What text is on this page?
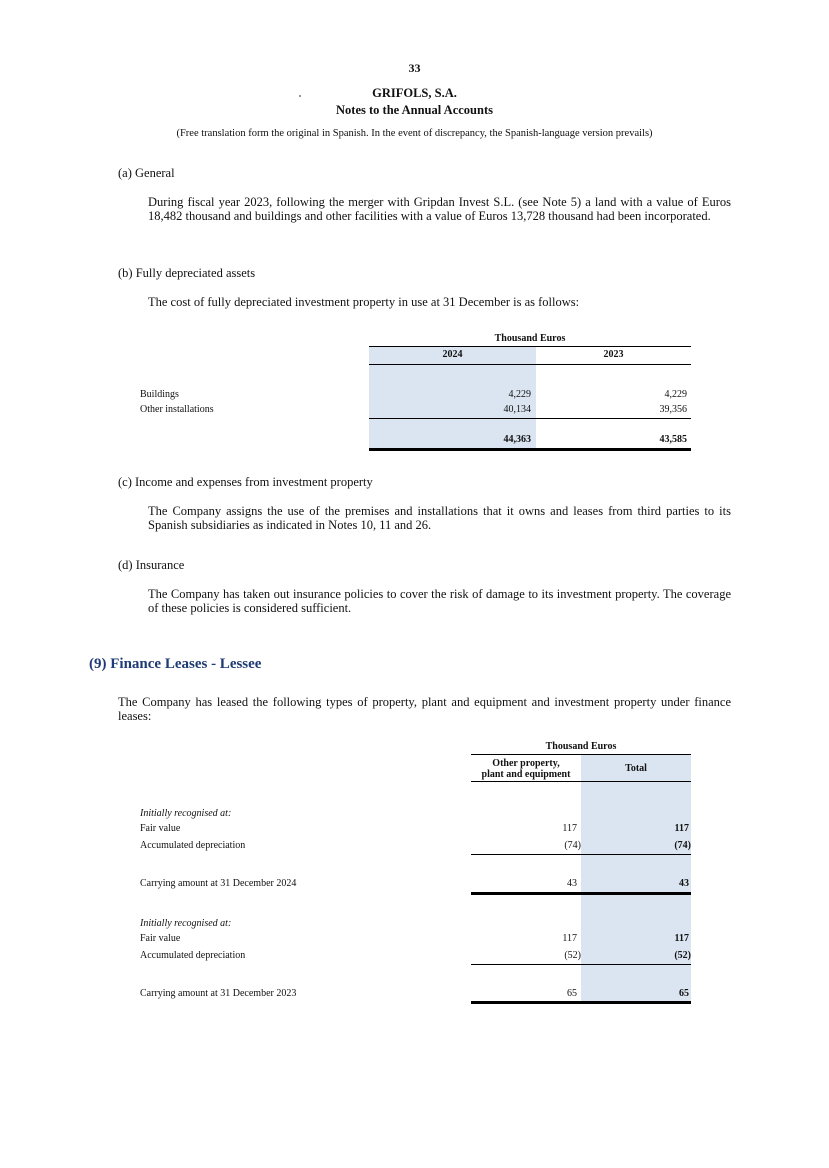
33
GRIFOLS, S.A.
Notes to the Annual Accounts
(Free translation form the original in Spanish. In the event of discrepancy, the Spanish-language version prevails)
(a) General
During fiscal year 2023, following the merger with Gripdan Invest S.L. (see Note 5) a land with a value of Euros 18,482 thousand and buildings and other facilities with a value of Euros 13,728 thousand had been incorporated.
(b) Fully depreciated assets
The cost of fully depreciated investment property in use at 31 December is as follows:
Thousand Euros
2024	2023
Buildings	4,229	4,229
Other installations	40,134	39,356
44,363	43,585
(c) Income and expenses from investment property
The Company assigns the use of the premises and installations that it owns and leases from third parties to its Spanish subsidiaries as indicated in Notes 10, 11 and 26.
(d) Insurance
The Company has taken out insurance policies to cover the risk of damage to its investment property. The coverage of these policies is considered sufficient.
(9) Finance Leases - Lessee
The Company has leased the following types of property, plant and equipment and investment property under finance leases:
Thousand Euros
Other property,
plant and equipment
Total
Initially recognised at:
Fair value	117	117
Accumulated depreciation	(74)	(74)
Carrying amount at 31 December 2024	43	43
Initially recognised at:
Fair value	117	117
Accumulated depreciation	(52)	(52)
Carrying amount at 31 December 2023	65	65
